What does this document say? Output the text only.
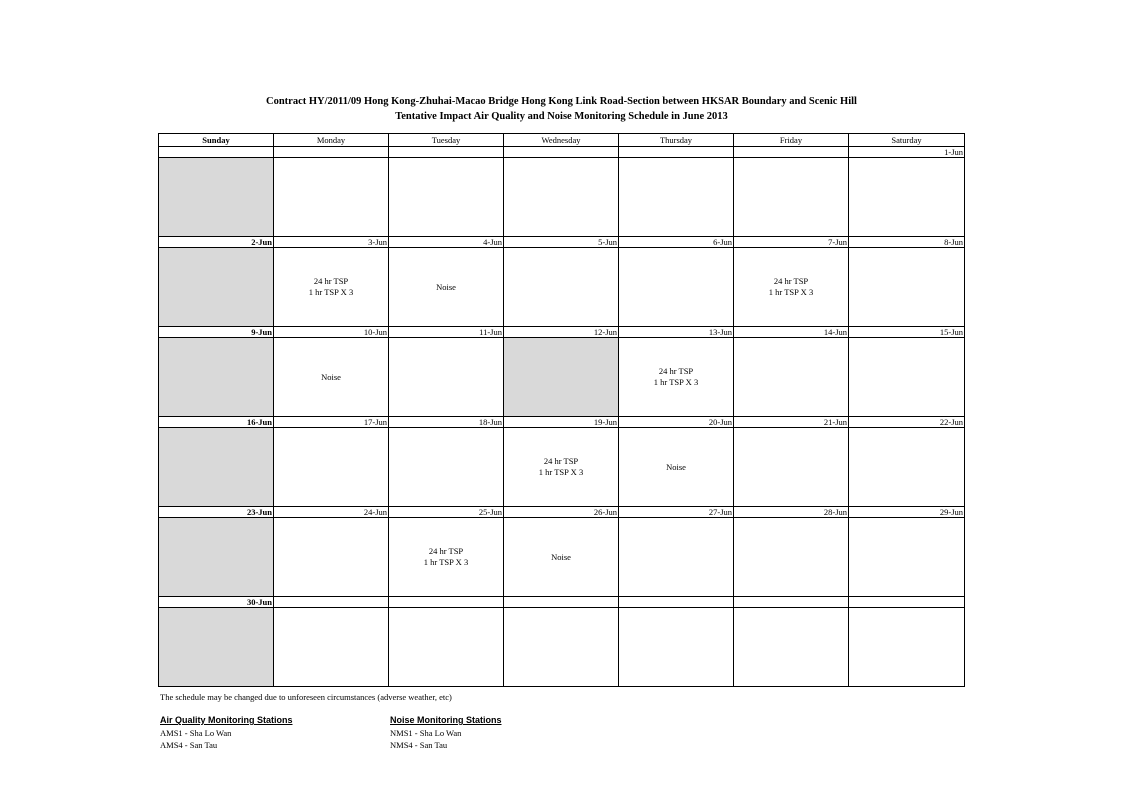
Contract HY/2011/09 Hong Kong-Zhuhai-Macao Bridge Hong Kong Link Road-Section between HKSAR Boundary and Scenic Hill
Tentative Impact Air Quality and Noise Monitoring Schedule in June 2013
Sunday	Monday	Tuesday	Wednesday	Thursday	Friday	Saturday
						1-Jun

2-Jun	3-Jun	4-Jun	5-Jun	6-Jun	7-Jun	8-Jun

	24 hr TSP
1 hr TSP X 3	Noise			24 hr TSP
1 hr TSP X 3	

9-Jun	10-Jun	11-Jun	12-Jun	13-Jun	14-Jun	15-Jun

	Noise			24 hr TSP
1 hr TSP X 3		

16-Jun	17-Jun	18-Jun	19-Jun	20-Jun	21-Jun	22-Jun

			24 hr TSP
1 hr TSP X 3	Noise		

23-Jun	24-Jun	25-Jun	26-Jun	27-Jun	28-Jun	29-Jun

		24 hr TSP
1 hr TSP X 3	Noise			

30-Jun						

The schedule may be changed due to unforeseen circumstances (adverse weather, etc)
Air Quality Monitoring Stations
AMS1 - Sha Lo Wan
AMS4 - San Tau
Noise Monitoring Stations
NMS1 - Sha Lo Wan
NMS4 - San Tau
